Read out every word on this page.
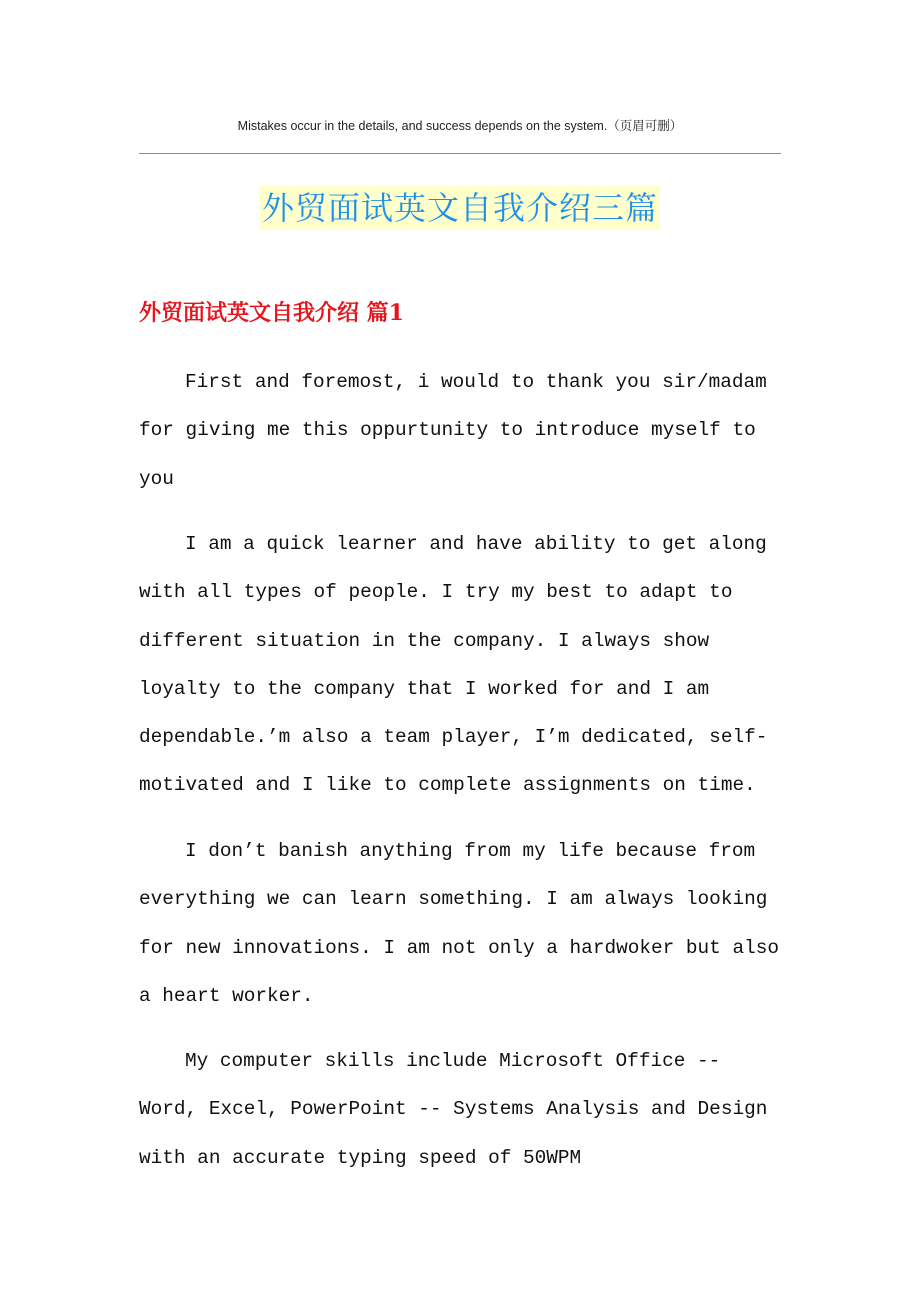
Mistakes occur in the details, and success depends on the system.（页眉可删）
外贸面试英文自我介绍三篇
外贸面试英文自我介绍 篇1

First and foremost, i would to thank you sir/madam for giving me this oppurtunity to introduce myself to you

I am a quick learner and have ability to get along with all types of people. I try my best to adapt to different situation in the company. I always show loyalty to the company that I worked for and I am dependable.’m also a team player, I’m dedicated, self-motivated and I like to complete assignments on time.

I don’t banish anything from my life because from everything we can learn something. I am always looking for new innovations. I am not only a hardwoker but also a heart worker.

My computer skills include Microsoft Office -- Word, Excel, PowerPoint -- Systems Analysis and Design with an accurate typing speed of 50WPM
